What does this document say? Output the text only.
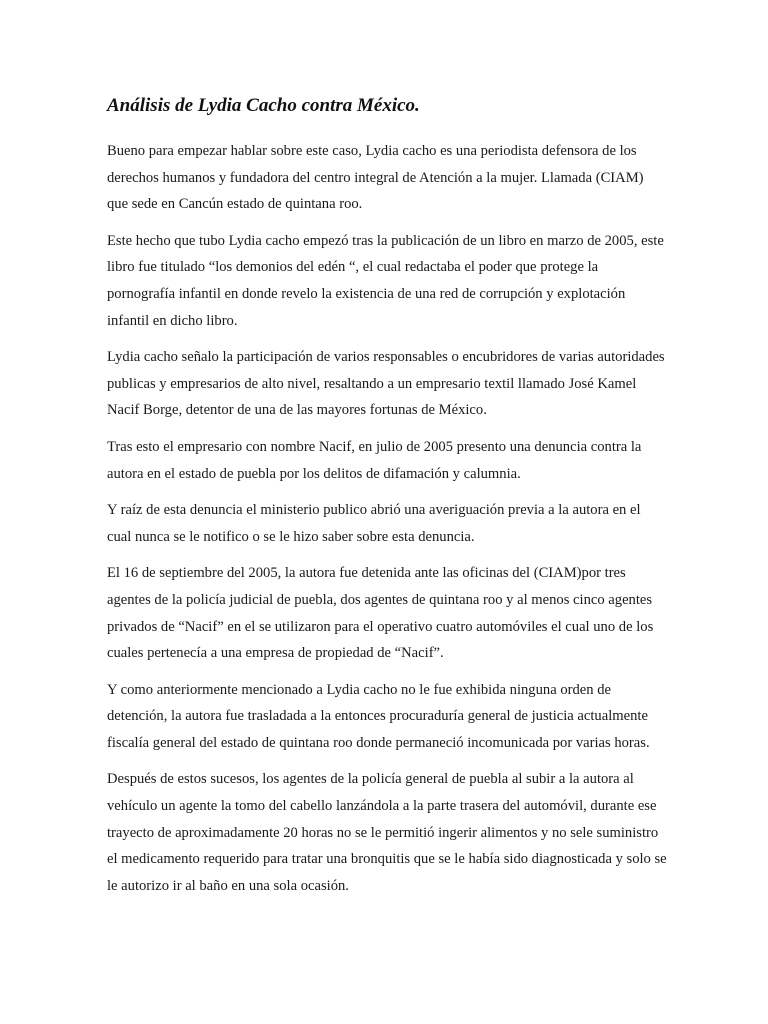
Análisis de Lydia Cacho contra México.

Bueno para empezar hablar sobre este caso, Lydia cacho es una periodista defensora de los derechos humanos y fundadora del centro integral de Atención a la mujer. Llamada (CIAM) que sede en Cancún estado de quintana roo.

Este hecho que tubo Lydia cacho empezó tras la publicación de un libro en marzo de 2005, este libro fue titulado “los demonios del edén “, el cual redactaba el poder que protege la pornografía infantil en donde revelo la existencia de una red de corrupción y explotación infantil en dicho libro.

Lydia cacho señalo la participación de varios responsables o encubridores de varias autoridades publicas y empresarios de alto nivel, resaltando a un empresario textil llamado José Kamel Nacif Borge, detentor de una de las mayores fortunas de México.

Tras esto el empresario con nombre Nacif, en julio de 2005 presento una denuncia contra la autora en el estado de puebla por los delitos de difamación y calumnia.

Y raíz de esta denuncia el ministerio publico abrió una averiguación previa a la autora en el cual nunca se le notifico o se le hizo saber sobre esta denuncia.

El 16 de septiembre del 2005, la autora fue detenida ante las oficinas del (CIAM)por tres agentes de la policía judicial de puebla, dos agentes de quintana roo y al menos cinco agentes privados de “Nacif” en el se utilizaron para el operativo cuatro automóviles el cual uno de los cuales pertenecía a una empresa de propiedad de “Nacif”.

Y como anteriormente mencionado a Lydia cacho no le fue exhibida ninguna orden de detención, la autora fue trasladada a la entonces procuraduría general de justicia actualmente fiscalía general del estado de quintana roo donde permaneció incomunicada por varias horas.

Después de estos sucesos, los agentes de la policía general de puebla al subir a la autora al vehículo un agente la tomo del cabello lanzándola a la parte trasera del automóvil, durante ese trayecto de aproximadamente 20 horas no se le permitió ingerir alimentos y no sele suministro el medicamento requerido para tratar una bronquitis que se le había sido diagnosticada y solo se le autorizo ir al baño en una sola ocasión.
